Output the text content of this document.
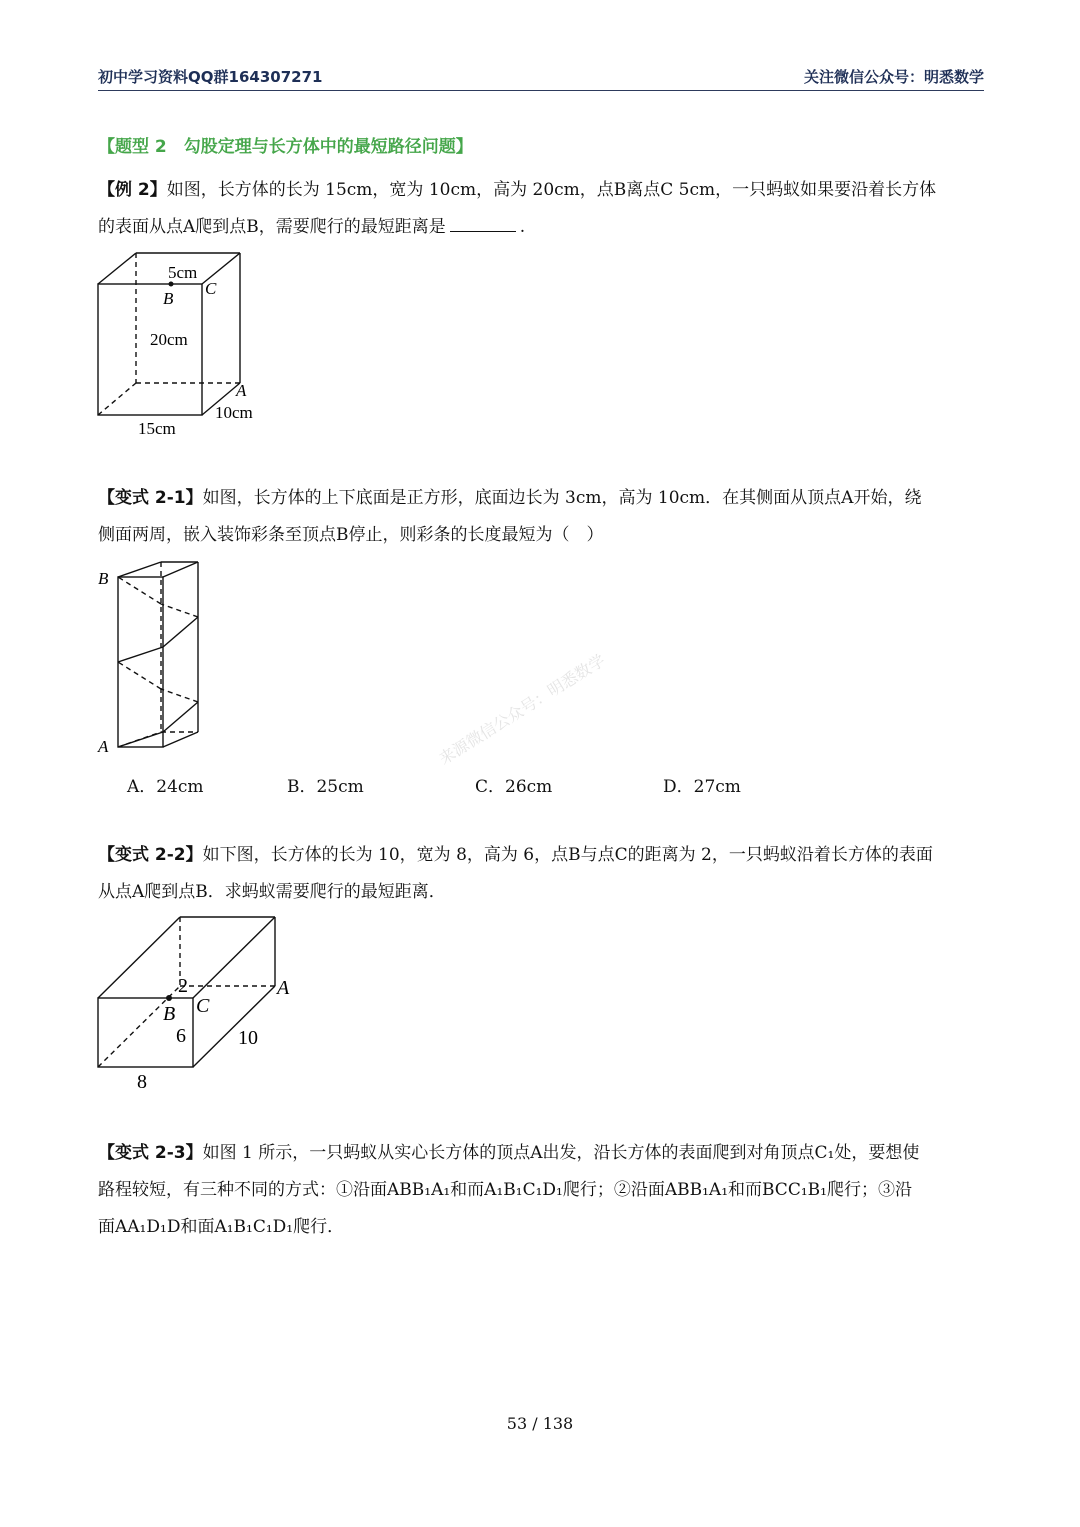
初中学习资料QQ群164307271	关注微信公众号：明悉数学
【题型 2　勾股定理与长方体中的最短路径问题】
【例 2】如图，长方体的长为 15cm，宽为 10cm，高为 20cm，点B离点C 5cm，一只蚂蚁如果要沿着长方体
的表面从点A爬到点B，需要爬行的最短距离是	.
5cm
B
C
20cm
A
10cm
15cm
【变式 2-1】如图，长方体的上下底面是正方形，底面边长为 3cm，高为 10cm．在其侧面从顶点A开始，绕
侧面两周，嵌入装饰彩条至顶点B停止，则彩条的长度最短为（　）
B
A
A．24cm	B．25cm	C．26cm	D．27cm
来源微信公众号：明悉数学
【变式 2-2】如下图，长方体的长为 10，宽为 8，高为 6，点B与点C的距离为 2，一只蚂蚁沿着长方体的表面
从点A爬到点B．求蚂蚁需要爬行的最短距离．
2	A
C
B
6	10
8
【变式 2-3】如图 1 所示，一只蚂蚁从实心长方体的顶点A出发，沿长方体的表面爬到对角顶点C₁处，要想使
路程较短，有三种不同的方式：①沿面ABB₁A₁和而A₁B₁C₁D₁爬行；②沿面ABB₁A₁和而BCC₁B₁爬行；③沿
面AA₁D₁D和面A₁B₁C₁D₁爬行．
53 / 138
